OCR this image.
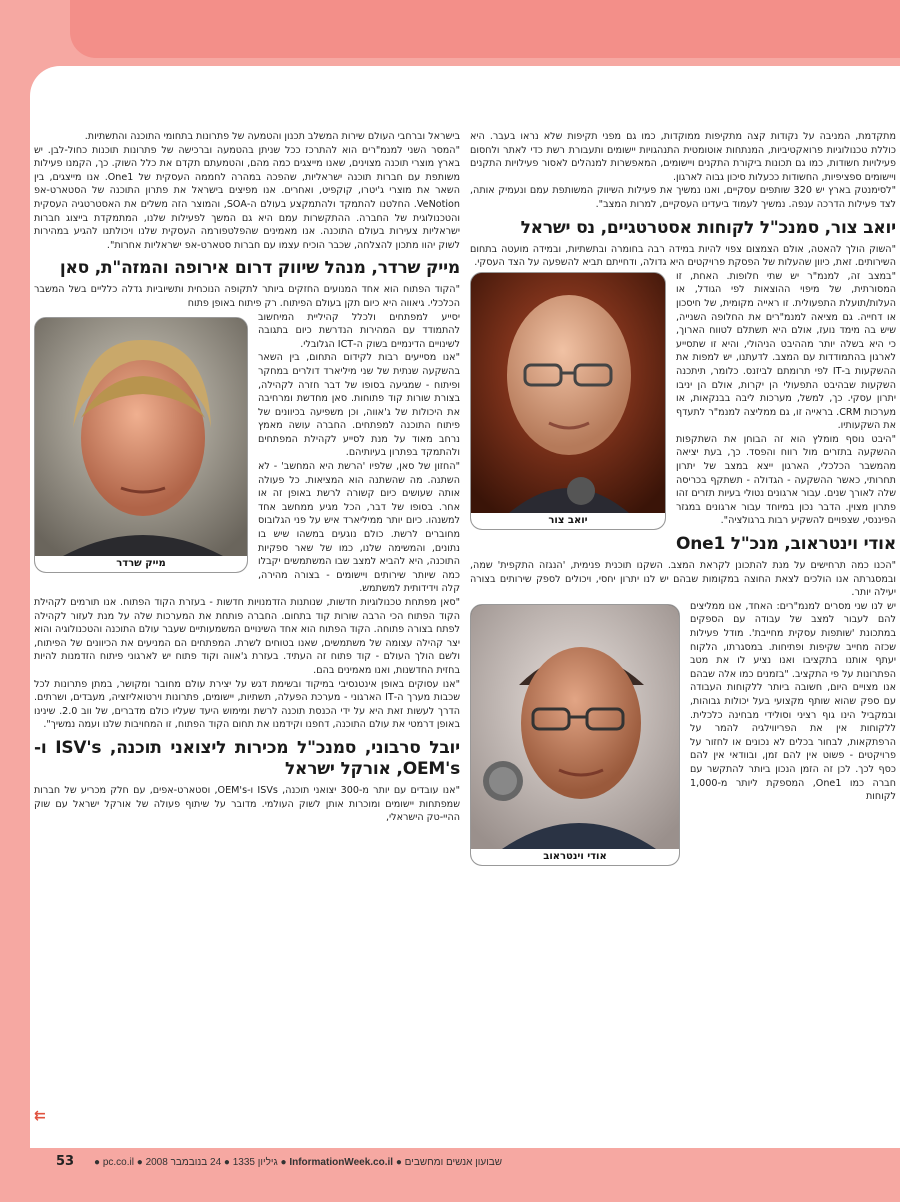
מתקדמת, המניבה על נקודות קצה מתקיפות ממוקדות, כמו גם מפני תקיפות שלא נראו בעבר. היא כוללת טכנולוגיות פרואקטיביות, המנתחות אוטומטית התנהגויות יישומים ותעבורת רשת כדי לאתר ולחסום פעילויות חשודות, כמו גם תכונות ביקורת התקנים ויישומים, המאפשרות למנהלים לאסור פעילויות התקנים ויישומים ספציפיות, החשודות ככעלות סיכון גבוה לארגון.

"לסימנטק בארץ יש 320 שותפים עסקיים, ואנו נמשיך את פעילות השיווק המשותפת עמם ונעמיק אותה, לצד פעילות הדרכה ענפה. נמשיך לעמוד ביעדינו העסקיים, למרות המצב".

יואב צור, סמנכ"ל לקוחות אסטרטגיים, נס ישראל

"השוק הולך להאטה, אולם הצמצום צפוי להיות במידה רבה בחומרה ובתשתיות, ובמידה מועטה בתחום השירותים. זאת, כיוון שהעלות של הפסקת פרויקטים היא גדולה, ודחייתם תביא להשפעה על הצד העסקי.

יואב צור

"במצב זה, למנמ"ר יש שתי חלופות. האחת, זו המסורתית, של מיפוי ההוצאות לפי הגודל, או העלות/תועלת התפעולית. זו ראייה מקומית, של חיסכון או דחייה. גם מציאה למנמ"רים את החלופה השנייה, שיש בה מימד נועז, אולם היא תשתלם לטווח הארוך, כי היא בשלה יותר מההיבט הניהולי, והיא זו שתסייע לארגון בהתמודדות עם המצב. לדעתנו, יש למפות את ההשקעות ב-IT לפי תרומתם לביזנס. כלומר, תיתכנה השקעות שבהיבט התפעולי הן יקרות, אולם הן יניבו יתרון עסקי. כך, למשל, מערכות ליבה בבנקאות, או מערכות CRM. בראייה זו, גם ממליצה למנמ"ר לתעדף את השקעותיו.

"היבט נוסף מומלץ הוא זה הבוחן את השתקפות ההשקעה בתזרים מול רווח והפסד. כך, בעת יציאה מהמשבר הכלכלי, הארגון ייצא במצב של יתרון תחרותי, כאשר ההשקעה - הגדולה - תשתקף בכריסה שלה לאורך שנים. עבור ארגונים נטולי בעיות תזרים זהו פתרון מצוין. הדבר נכון במיוחד עבור ארגונים במגזר הפיננסי, שצפויים להשקיע רבות ברגולציה".

אודי וינטראוב, מנכ"ל One1

"הכנו כמה תרחישים על מנת להתכונן לקראת המצב. השקנו תוכנית פנימית, 'הנגזה התקפית' שמה, ובמסגרתה אנו הולכים לצאת החוצה במקומות שבהם יש לנו יתרון יחסי, ויכולים לספק שירותים בצורה יעילה יותר.

אודי וינטראוב

יש לנו שני מסרים למנמ"רים: האחד, אנו ממליצים להם לעבור למצב של עבודה עם הספקים במתכונת 'שותפות עסקית מחייבת'. מודל פעילות שכזה מחייב שקיפות ופתיחות. במסגרתו, הלקוח יעתף אותנו בתקציבו ואנו נציע לו את מטב הפתרונות על פי התקציב. "בזמנים כמו אלה שבהם אנו מצויים היום, חשובה ביותר ללקוחות העבודה עם ספק שהוא שותף מקצועי בעל יכולות גבוהות, ובמקביל הינו גוף רציני וסולידי מבחינה כלכלית. ללקוחות אין את הפריווילגיה להמר על הרפתקאות, לבחור בכלים לא נכונים או לחזור על פרויקטים - פשוט אין להם זמן, ובוודאי אין להם כסף לכך. לכן זה הזמן הנכון ביותר להתקשר עם חברה כמו One1, המספקת ליותר מ-1,000 לקוחות

בישראל וברחבי העולם שירות המשלב תכנון והטמעה של פתרונות בתחומי התוכנה והתשתיות.

"המסר השני למנמ"רים הוא להתרכז ככל שניתן בהטמעה וברכישה של פתרונות תוכנות כחול-לבן. יש בארץ מוצרי תוכנה מצוינים, שאנו מייצגים כמה מהם, והטמעתם תקדם את כלל השוק. כך, הקמנו פעילות משותפת עם חברות תוכנה ישראליות, שהפכה במהרה לחממה העסקית של One1. אנו מייצגים, בין השאר את מוצרי ג'יטרו, קוקפיט, ואחרים. אנו מפיצים בישראל את פתרון התוכנה של הסטארט-אפ VeNotion. החלטנו להתמקד ולהתמקצע בעולם ה-SOA, והמוצר הזה משלים את האסטרטגיה העסקית והטכנולוגית של החברה. ההתקשרות עמם היא גם המשך לפעילות שלנו, המתמקדת בייצוג חברות ישראליות צעירות בעולם התוכנה. אנו מאמינים שהפלטפורמה העסקית שלנו ויכולתנו להגיע במהירות לשוק יהוו מתכון להצלחה, שכבר הוכיח עצמו עם חברות סטארט-אפ ישראליות אחרות".

מייק שרדר, מנהל שיווק דרום אירופה והמזה"ת, סאן

"הקוד הפתוח הוא אחד המנועים החזקים ביותר לתקופה הנוכחית ותשיוביות גדלה כלליים בשל המשבר הכלכלי. גיאווה היא כיום תקן בעולם הפיתוח. רק פיתוח באופן פתוח

מייק שרדר

יסייע למפתחים ולכלל קהיליית המיחשוב להתמודד עם המהירות הנדרשת כיום בתגובה לשינויים הדינמיים בשוק ה-ICT הגלובלי.

"אנו מסייעים רבות לקידום התחום, בין השאר בהשקעה שנתית של שני מיליארד דולרים במחקר ופיתוח - שמגיעה בסופו של דבר חזרה לקהילה, בצורת שורות קוד פתוחות. סאן מחדשת ומרחיבה את היכולות של ג'אווה, וכן משפיעה בכיוונים של פיתוח התוכנה למפתחים. החברה עושה מאמץ נרחב מאוד על מנת לסייע לקהילת המפתחים ולהתמקד בפתרון בעיותיהם.

"החזון של סאן, שלפיו 'הרשת היא המחשב' - לא השתנה. מה שהשתנה הוא המציאות. כל פעולה אותה שעושים כיום קשורה לרשת באופן זה או אחר. בסופו של דבר, הכל מגיע ממחשב אחד למשנהו. כיום יותר ממיליארד איש על פני הגלובוס מחוברים לרשת. כולם נוגעים במשהו שיש בו נתונים, והמשימה שלנו, כמו של שאר ספקיות התוכנה, היא להביא למצב שבו המשתמשים יקבלו כמה שיותר שירותים ויישומים - בצורה מהירה, קלה וידידותית למשתמש.

"סאן מפתחת טכנולוגיות חדשות, שנותנות הזדמנויות חדשות - בעזרת הקוד הפתוח. אנו תורמים לקהילת הקוד הפתוח הכי הרבה שורות קוד בתחום. החברה פותחת את המערכות שלה על מנת לעזור לקהילה לפתח בצורה פתוחה. הקוד הפתוח הוא אחד השינויים המשמעותיים שעבר עולם התוכנה והטכנולוגיה והוא יצר קהילה עצומה של משתמשים, שאנו בטוחים לשרת. המפתחים הם המניעים את הכיוונים של הפיתוח, ולשם הולך העולם - קוד פתוח זה העתיד. בעזרת ג'אווה וקוד פתוח יש לארגוני פיתוח הזדמנות להיות בחזית החדשנות, ואנו מאמינים בהם.

"אנו עסוקים באופן אינטנסיבי במיקוד ובשימת דגש על יצירת עולם מחובר ומקושר, במתן פתרונות לכל שכבות מערך ה-IT הארגוני - מערכת הפעלה, תשתיות, יישומים, פתרונות וירטואליזציה, מעבדים, ושרתים. הדרך לעשות זאת היא על ידי הכנסת תוכנה לרשת ומימוש היעד שעליו כולם מדברים, של ווב 2.0. שינינו באופן דרמטי את עולם התוכנה, דחפנו וקידמנו את תחום הקוד הפתוח, זו המחויבות שלנו ועמה נמשיך".

יובל סרבוני, סמנכ"ל מכירות ליצואני תוכנה, ISV's ו-OEM's, אורקל ישראל

"אנו עובדים עם יותר מ-300 יצואני תוכנה, ISVs ו-OEM's, וסטארט-אפים, עם חלק מכריע של חברות שמפתחות יישומים ומוכרות אותן לשוק העולמי. מדובר על שיתוף פעולה של אורקל ישראל עם שוק ההיי-טק הישראלי,

⇇
53 ● pc.co.il ● 24 בנובמבר 2008 ● גיליון 1335 ● InformationWeek.co.il ● שבועון אנשים ומחשבים
